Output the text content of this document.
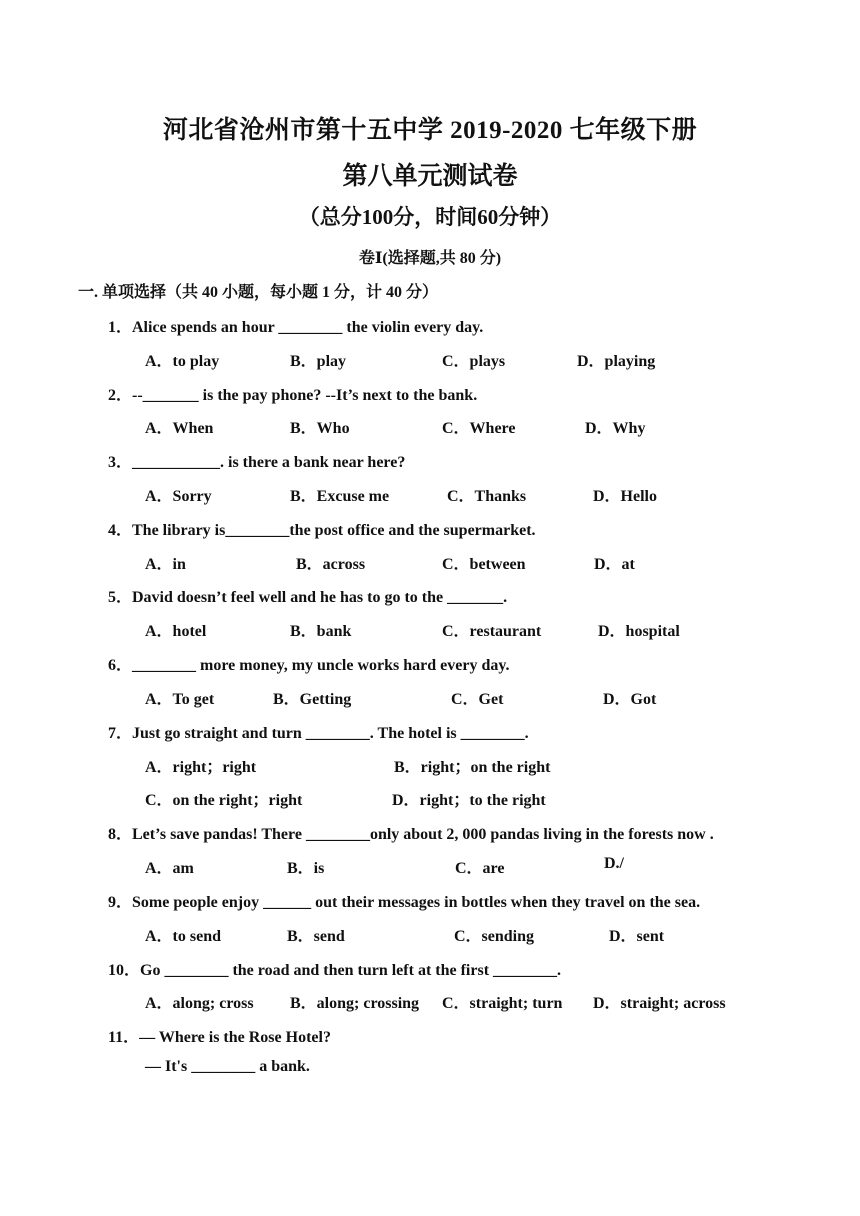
河北省沧州市第十五中学 2019-2020 七年级下册
第八单元测试卷
（总分100分，时间60分钟）
卷Ⅰ(选择题,共 80 分)
一. 单项选择（共 40 小题，每小题 1 分，计 40 分）
1．Alice spends an hour ________ the violin every day.
A．to play	B．play	C．plays	D．playing
2．--_______ is the pay phone? --It’s next to the bank.
A．When	B．Who	C．Where	D．Why
3．___________. is there a bank near here?
A．Sorry	B．Excuse me	C．Thanks	D．Hello
4．The library is________the post office and the supermarket.
A．in	B．across	C．between	D．at
5．David doesn’t feel well and he has to go to the _______.
A．hotel	B．bank	C．restaurant	D．hospital
6．________ more money, my uncle works hard every day.
A．To get	B．Getting	C．Get	D．Got
7．Just go straight and turn ________. The hotel is ________.
A．right；right	B．right；on the right
C．on the right；right	D．right；to the right
8．Let’s save pandas! There ________only about 2, 000 pandas living in the forests now .
A．am	B．is	C．are	D./
9．Some people enjoy ______ out their messages in bottles when they travel on the sea.
A．to send	B．send	C．sending	D．sent
10．Go ________ the road and then turn left at the first ________.
A．along; cross B．along; crossing C．straight; turn D．straight; across
11．— Where is the Rose Hotel?
— It's ________ a bank.
